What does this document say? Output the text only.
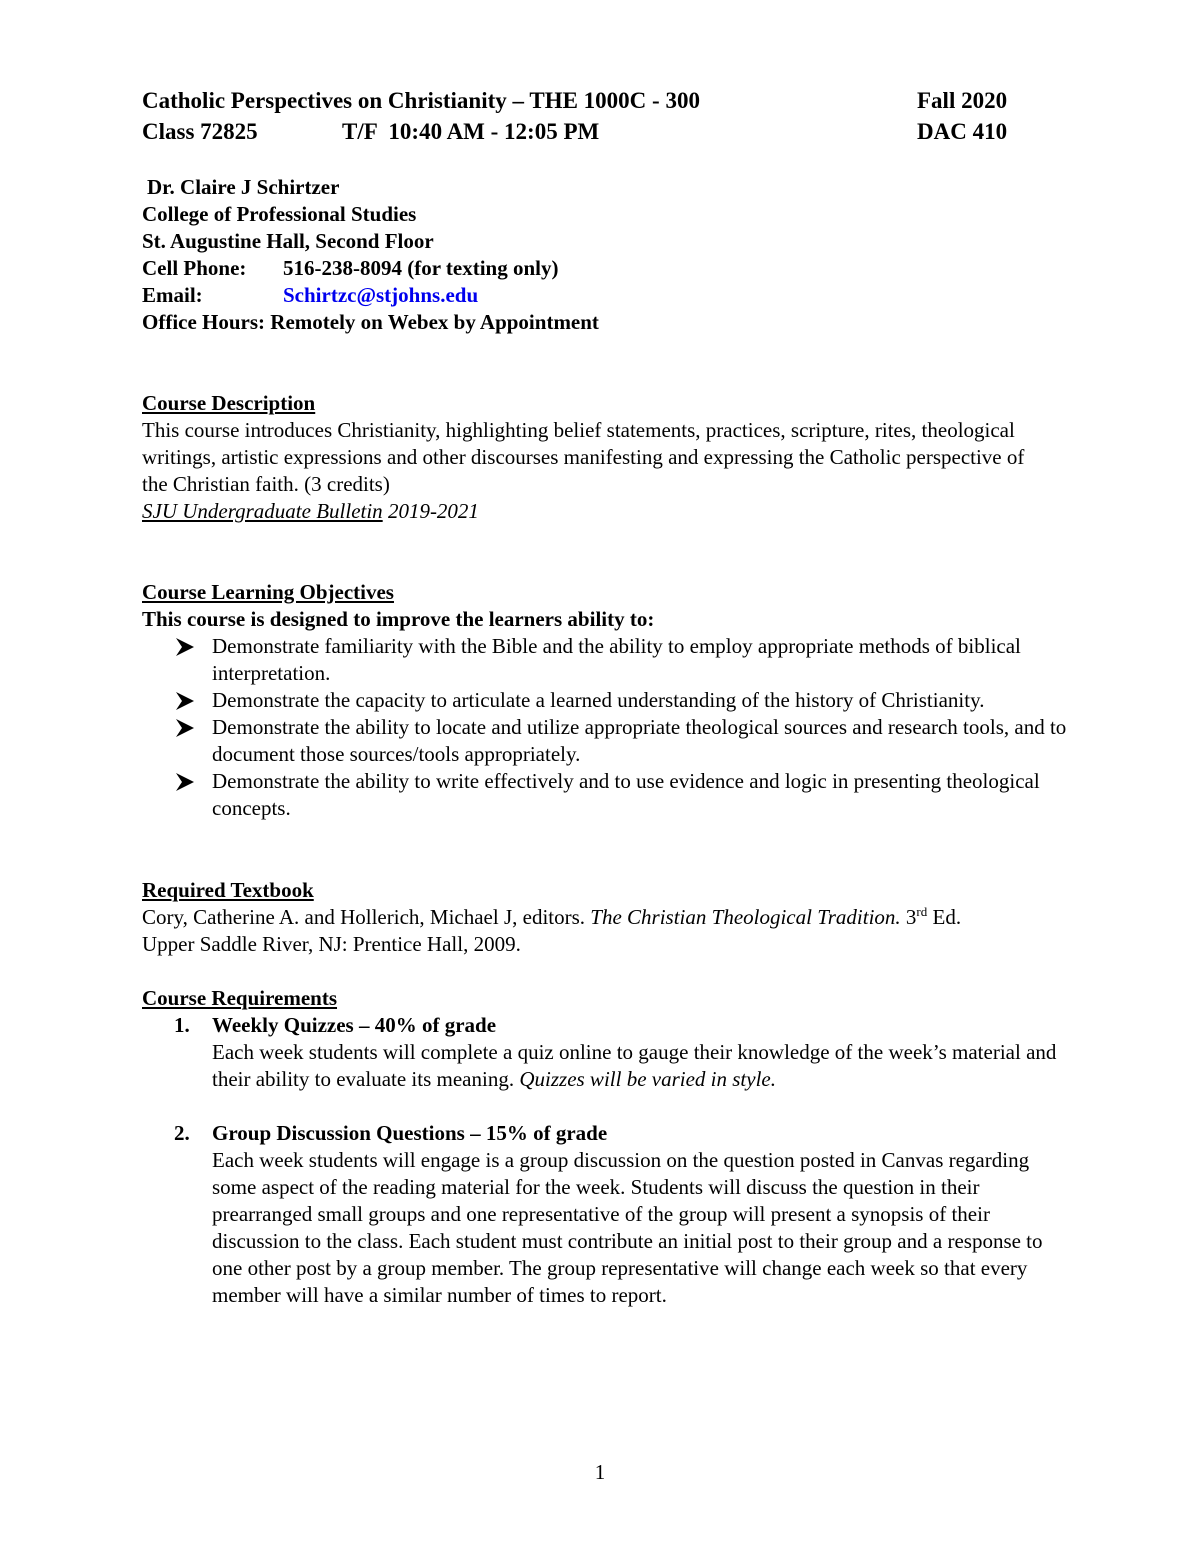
Catholic Perspectives on Christianity – THE 1000C - 300	Fall 2020
Class 72825	T/F  10:40 AM - 12:05 PM	DAC 410
Dr. Claire J Schirtzer
College of Professional Studies
St. Augustine Hall, Second Floor
Cell Phone: 516-238-8094 (for texting only)
Email:	Schirtzc@stjohns.edu
Office Hours: Remotely on Webex by Appointment
Course Description
This course introduces Christianity, highlighting belief statements, practices, scripture, rites, theological writings, artistic expressions and other discourses manifesting and expressing the Catholic perspective of the Christian faith. (3 credits)
SJU Undergraduate Bulletin 2019-2021
Course Learning Objectives
This course is designed to improve the learners ability to:
Demonstrate familiarity with the Bible and the ability to employ appropriate methods of biblical interpretation.
Demonstrate the capacity to articulate a learned understanding of the history of Christianity.
Demonstrate the ability to locate and utilize appropriate theological sources and research tools, and to document those sources/tools appropriately.
Demonstrate the ability to write effectively and to use evidence and logic in presenting theological concepts.
Required Textbook
Cory, Catherine A. and Hollerich, Michael J, editors. The Christian Theological Tradition. 3rd Ed.
Upper Saddle River, NJ: Prentice Hall, 2009.
Course Requirements
1. Weekly Quizzes – 40% of grade
Each week students will complete a quiz online to gauge their knowledge of the week’s material and their ability to evaluate its meaning. Quizzes will be varied in style.
2. Group Discussion Questions – 15% of grade
Each week students will engage is a group discussion on the question posted in Canvas regarding some aspect of the reading material for the week. Students will discuss the question in their prearranged small groups and one representative of the group will present a synopsis of their discussion to the class. Each student must contribute an initial post to their group and a response to one other post by a group member. The group representative will change each week so that every member will have a similar number of times to report.
1
